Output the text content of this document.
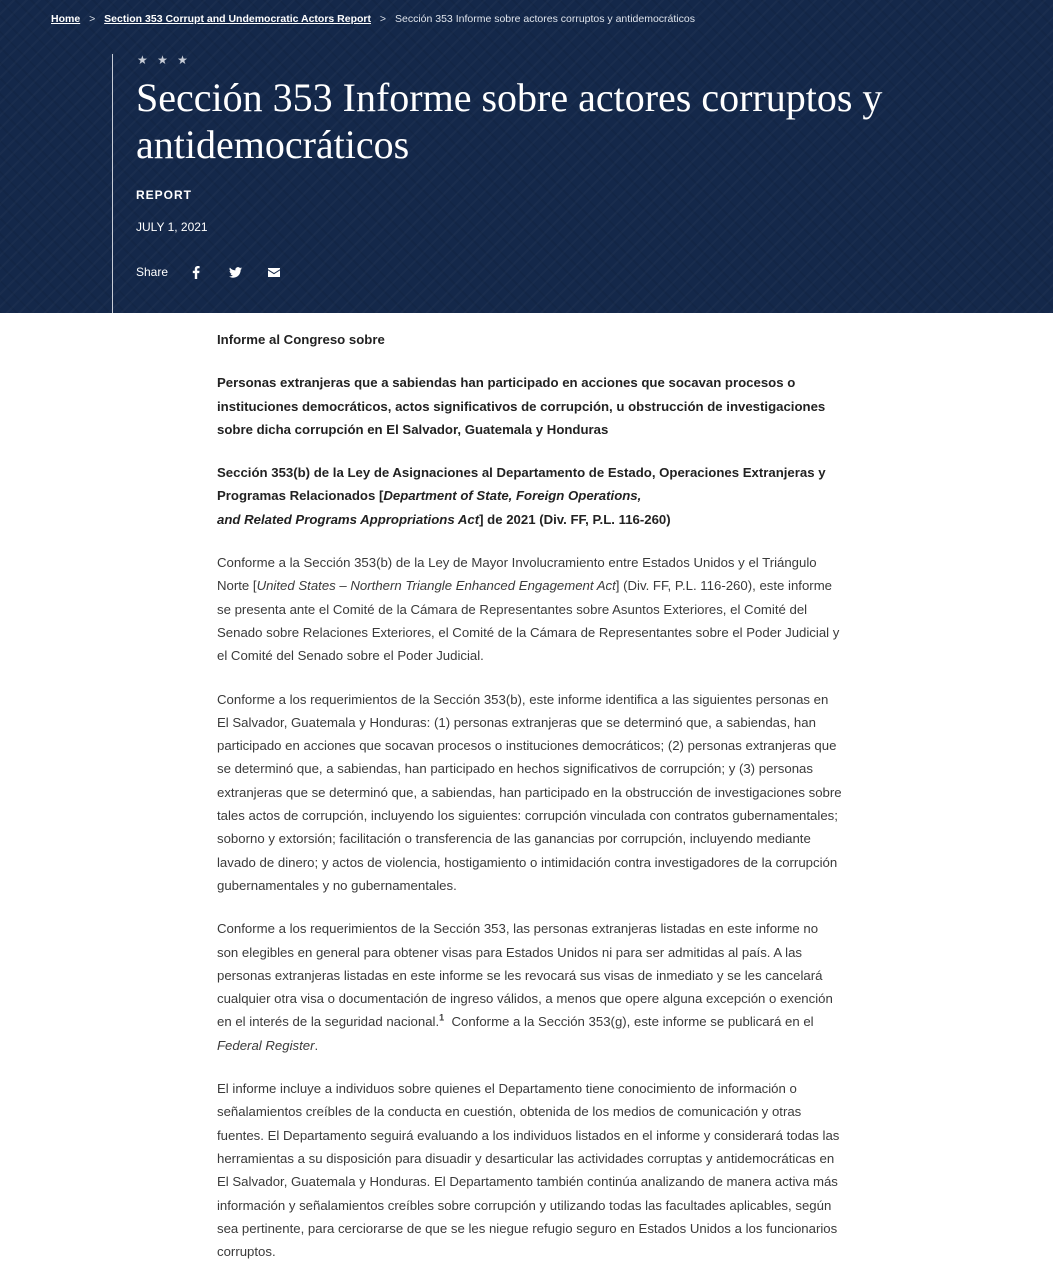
Home > Section 353 Corrupt and Undemocratic Actors Report > Sección 353 Informe sobre actores corruptos y antidemocráticos
★ ★ ★
Sección 353 Informe sobre actores corruptos y antidemocráticos
REPORT
JULY 1, 2021
Share

Informe al Congreso sobre

Personas extranjeras que a sabiendas han participado en acciones que socavan procesos o instituciones democráticos, actos significativos de corrupción, u obstrucción de investigaciones sobre dicha corrupción en El Salvador, Guatemala y Honduras

Sección 353(b) de la Ley de Asignaciones al Departamento de Estado, Operaciones Extranjeras y Programas Relacionados [Department of State, Foreign Operations,
and Related Programs Appropriations Act] de 2021 (Div. FF, P.L. 116-260)

Conforme a la Sección 353(b) de la Ley de Mayor Involucramiento entre Estados Unidos y el Triángulo Norte [United States – Northern Triangle Enhanced Engagement Act] (Div. FF, P.L. 116-260), este informe se presenta ante el Comité de la Cámara de Representantes sobre Asuntos Exteriores, el Comité del Senado sobre Relaciones Exteriores, el Comité de la Cámara de Representantes sobre el Poder Judicial y el Comité del Senado sobre el Poder Judicial.

Conforme a los requerimientos de la Sección 353(b), este informe identifica a las siguientes personas en El Salvador, Guatemala y Honduras: (1) personas extranjeras que se determinó que, a sabiendas, han participado en acciones que socavan procesos o instituciones democráticos; (2) personas extranjeras que se determinó que, a sabiendas, han participado en hechos significativos de corrupción; y (3) personas extranjeras que se determinó que, a sabiendas, han participado en la obstrucción de investigaciones sobre tales actos de corrupción, incluyendo los siguientes: corrupción vinculada con contratos gubernamentales; soborno y extorsión; facilitación o transferencia de las ganancias por corrupción, incluyendo mediante lavado de dinero; y actos de violencia, hostigamiento o intimidación contra investigadores de la corrupción gubernamentales y no gubernamentales.

Conforme a los requerimientos de la Sección 353, las personas extranjeras listadas en este informe no son elegibles en general para obtener visas para Estados Unidos ni para ser admitidas al país. A las personas extranjeras listadas en este informe se les revocará sus visas de inmediato y se les cancelará cualquier otra visa o documentación de ingreso válidos, a menos que opere alguna excepción o exención en el interés de la seguridad nacional.$^1$  Conforme a la Sección 353(g), este informe se publicará en el Federal Register.

El informe incluye a individuos sobre quienes el Departamento tiene conocimiento de información o señalamientos creíbles de la conducta en cuestión, obtenida de los medios de comunicación y otras fuentes. El Departamento seguirá evaluando a los individuos listados en el informe y considerará todas las herramientas a su disposición para disuadir y desarticular las actividades corruptas y antidemocráticas en El Salvador, Guatemala y Honduras. El Departamento también continúa analizando de manera activa más información y señalamientos creíbles sobre corrupción y utilizando todas las facultades aplicables, según sea pertinente, para cerciorarse de que se les niegue refugio seguro en Estados Unidos a los funcionarios corruptos.
